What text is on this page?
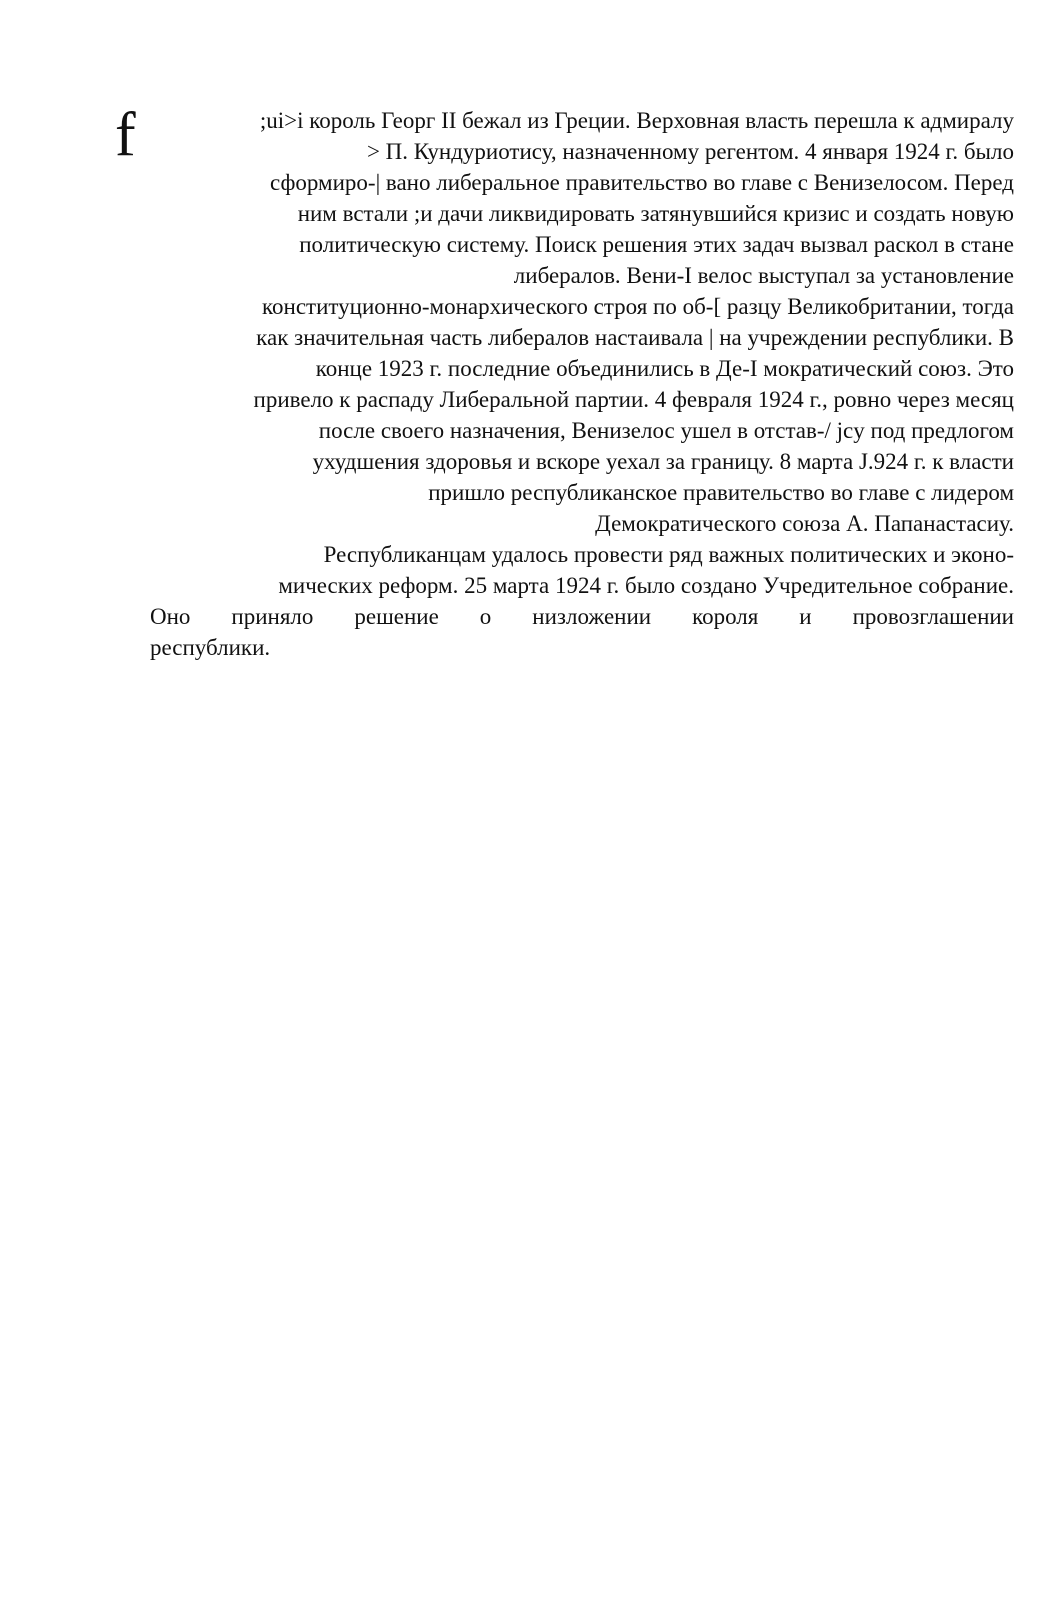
f	;ui>i король Георг II бежал из Греции. Верховная власть перешла к адмиралу
> П. Кундуриотису, назначенному регентом. 4 января 1924 г. было
сформиро-| вано либеральное правительство во главе с Венизелосом. Перед
ним встали ;и дачи ликвидировать затянувшийся кризис и создать новую
политическую систему. Поиск решения этих задач вызвал раскол в стане
либералов. Вени-I велос выступал за установление
конституционно-монархического строя по об-[ разцу Великобритании, тогда
как значительная часть либералов настаивала | на учреждении республики. В
конце 1923 г. последние объединились в Де-I мократический союз. Это
привело к распаду Либеральной партии. 4 февраля 1924 г., ровно через месяц
после своего назначения, Венизелос ушел в отстав-/ jcy под предлогом
ухудшения здоровья и вскоре уехал за границу. 8 марта J.924 г. к власти
пришло республиканское правительство во главе с лидером
Демократического союза А. Папанастасиу.
Республиканцам удалось провести ряд важных политических и эконо-
мических реформ. 25 марта 1924 г. было создано Учредительное собрание.
Оно приняло решение о низложении короля и провозглашении
республики.
